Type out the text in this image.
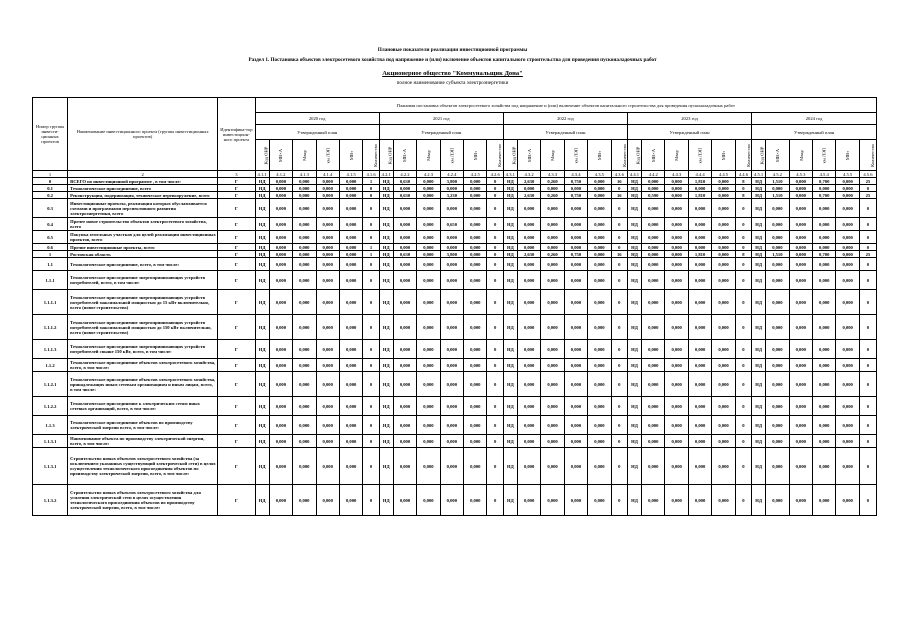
Плановые показатели реализации инвестиционной программы
Раздел 1. Постановка объектов электросетевого хозяйства под напряжение и (или) включение объектов капитального строительства для проведения пусконаладочных работ
Акционерное общество "Коммунальщик Дона"
полное наименование субъекта электроэнергетики
Номер группы инвести-ционных проектов	Наименование инвестиционного проекта (группы инвестиционных проектов)	Идентифика-тор инвестицион-ного проекта	Плановая постановка объектов электросетевого хозяйства под напряжение и (или) включение объектов капитального строительства для проведения пусконаладочных работ																													
			2020 год						2021 год						2022 год						2023 год						2024 год					
			Утвержденный план						Утвержденный план						Утвержденный план						Утвержденный план						Утвержденный план					
			Код ОНР	МВ×А	Мвар	км ЛЭП	МВт	Количество	Код ОНР	МВ×А	Мвар	км ЛЭП	МВт	Количество	Код ОНР	МВ×А	Мвар	км ЛЭП	МВт	Количество	Код ОНР	МВ×А	Мвар	км ЛЭП	МВт	Количество	Код ОНР	МВ×А	Мвар	км ЛЭП	МВт	Количество
1	2	3	4.1.1	4.1.2	4.1.3	4.1.4	4.1.5	4.1.6	4.2.1	4.2.2	4.2.3	4.2.4	4.2.5	4.2.6	4.3.1	4.3.2	4.3.3	4.3.4	4.3.5	4.3.6	4.4.1	4.4.2	4.4.3	4.4.4	4.4.5	4.4.6	4.5.1	4.5.2	4.5.3	4.5.4	4.5.5	4.5.6
0	ВСЕГО по инвестиционной программе , в том числе:	Г	НД	0,000	0,000	0,000	0,000	1	НД	0,630	0,000	3,800	0,000	0	НД	2,630	0,260	0,750	0,000	16	НД	0,000	0,000	1,810	0,000	8	НД	1,510	0,000	0,700	0,000	25
0.1	Технологическое присоединение, всего	Г	НД	0,000	0,000	0,000	0,000	0	НД	0,000	0,000	0,000	0,000	0	НД	0,000	0,000	0,000	0,000	0	НД	0,000	0,000	0,000	0,000	0	НД	0,000	0,000	0,000	0,000	0
0.2	Реконструкция, модернизация, техническое перевооружение, всего	Г	НД	0,000	0,000	0,000	0,000	0	НД	0,630	0,000	3,230	0,000	0	НД	2,630	0,260	0,750	0,000	16	НД	0,590	0,000	1,810	0,000	8	НД	1,510	0,000	0,700	0,000	25
0.3	Инвестиционные проекты, реализация которых обуславливается схемами и программами перспективного развития электроэнергетики, всего	Г	НД	0,000	0,000	0,000	0,000	0	НД	0,000	0,000	0,000	0,000	0	НД	0,000	0,000	0,000	0,000	0	НД	0,000	0,000	0,000	0,000	0	НД	0,000	0,000	0,000	0,000	0
0.4	Прочее новое строительство объектов электросетевого хозяйства, всего	Г	НД	0,000	0,000	0,000	0,000	0	НД	0,000	0,000	0,650	0,000	0	НД	0,000	0,000	0,000	0,000	0	НД	0,000	0,000	0,000	0,000	0	НД	0,000	0,000	0,000	0,000	0
0.5	Покупка земельных участков для целей реализации инвестиционных проектов, всего	Г	НД	0,000	0,000	0,000	0,000	0	НД	0,000	0,000	0,000	0,000	0	НД	0,000	0,000	0,000	0,000	0	НД	0,000	0,000	0,000	0,000	0	НД	0,000	0,000	0,000	0,000	0
0.6	Прочие инвестиционные проекты, всего	Г	НД	0,000	0,000	0,000	0,000	1	НД	0,000	0,000	0,000	0,000	0	НД	0,000	0,000	0,000	0,000	0	НД	0,000	0,000	0,000	0,000	0	НД	0,000	0,000	0,000	0,000	0
1	Ростовская область	Г	НД	0,000	0,000	0,000	0,000	1	НД	0,630	0,000	3,800	0,000	0	НД	2,630	0,260	0,750	0,000	16	НД	0,000	0,000	1,810	0,000	8	НД	1,510	0,000	0,700	0,000	25
1.1	Технологическое присоединение, всего, в том числе:	Г	НД	0,000	0,000	0,000	0,000	0	НД	0,000	0,000	0,000	0,000	0	НД	0,000	0,000	0,000	0,000	0	НД	0,000	0,000	0,000	0,000	0	НД	0,000	0,000	0,000	0,000	0
1.1.1	Технологическое присоединение энергопринимающих устройств потребителей, всего, в том числе:	Г	НД	0,000	0,000	0,000	0,000	0	НД	0,000	0,000	0,000	0,000	0	НД	0,000	0,000	0,000	0,000	0	НД	0,000	0,000	0,000	0,000	0	НД	0,000	0,000	0,000	0,000	0
1.1.1.1	Технологическое присоединение энергопринимающих устройств потребителей максимальной мощностью до 15 кВт включительно, всего (новое строительство)	Г	НД	0,000	0,000	0,000	0,000	0	НД	0,000	0,000	0,000	0,000	0	НД	0,000	0,000	0,000	0,000	0	НД	0,000	0,000	0,000	0,000	0	НД	0,000	0,000	0,000	0,000	0
1.1.1.2	Технологическое присоединение энергопринимающих устройств потребителей максимальной мощностью до 150 кВт включительно, всего (новое строительство)	Г	НД	0,000	0,000	0,000	0,000	0	НД	0,000	0,000	0,000	0,000	0	НД	0,000	0,000	0,000	0,000	0	НД	0,000	0,000	0,000	0,000	0	НД	0,000	0,000	0,000	0,000	0
1.1.1.3	Технологическое присоединение энергопринимающих устройств потребителей свыше 150 кВт, всего, в том числе:	Г	НД	0,000	0,000	0,000	0,000	0	НД	0,000	0,000	0,000	0,000	0	НД	0,000	0,000	0,000	0,000	0	НД	0,000	0,000	0,000	0,000	0	НД	0,000	0,000	0,000	0,000	0
1.1.2	Технологическое присоединение объектов электросетевого хозяйства, всего, в том числе:	Г	НД	0,000	0,000	0,000	0,000	0	НД	0,000	0,000	0,000	0,000	0	НД	0,000	0,000	0,000	0,000	0	НД	0,000	0,000	0,000	0,000	0	НД	0,000	0,000	0,000	0,000	0
1.1.2.1	Технологическое присоединение объектов электросетевого хозяйства, принадлежащих иным сетевым организациям и иным лицам, всего, в том числе:	Г	НД	0,000	0,000	0,000	0,000	0	НД	0,000	0,000	0,000	0,000	0	НД	0,000	0,000	0,000	0,000	0	НД	0,000	0,000	0,000	0,000	0	НД	0,000	0,000	0,000	0,000	0
1.1.2.2	Технологическое присоединение к электрическим сетям иных сетевых организаций, всего, в том числе:	Г	НД	0,000	0,000	0,000	0,000	0	НД	0,000	0,000	0,000	0,000	0	НД	0,000	0,000	0,000	0,000	0	НД	0,000	0,000	0,000	0,000	0	НД	0,000	0,000	0,000	0,000	0
1.1.3	Технологическое присоединение объектов по производству электрической энергии всего, в том числе:	Г	НД	0,000	0,000	0,000	0,000	0	НД	0,000	0,000	0,000	0,000	0	НД	0,000	0,000	0,000	0,000	0	НД	0,000	0,000	0,000	0,000	0	НД	0,000	0,000	0,000	0,000	0
1.1.3.1	Наименование объекта по производству электрической энергии, всего, в том числе:	Г	НД	0,000	0,000	0,000	0,000	0	НД	0,000	0,000	0,000	0,000	0	НД	0,000	0,000	0,000	0,000	0	НД	0,000	0,000	0,000	0,000	0	НД	0,000	0,000	0,000	0,000	0
1.1.3.1	Строительство новых объектов электросетевого хозяйства (за исключением указанных существующий электрической сети) в целях осуществления технологического присоединения объектов по производству электрической энергии, всего, в том числе:	Г	НД	0,000	0,000	0,000	0,000	0	НД	0,000	0,000	0,000	0,000	0	НД	0,000	0,000	0,000	0,000	0	НД	0,000	0,000	0,000	0,000	0	НД	0,000	0,000	0,000	0,000	0
1.1.3.2	Строительство новых объектов электросетевого хозяйства для усиления электрической сети в целях осуществления технологического присоединения объектов по производству электрической энергии, всего, в том числе:	Г	НД	0,000	0,000	0,000	0,000	0	НД	0,000	0,000	0,000	0,000	0	НД	0,000	0,000	0,000	0,000	0	НД	0,000	0,000	0,000	0,000	0	НД	0,000	0,000	0,000	0,000	0
